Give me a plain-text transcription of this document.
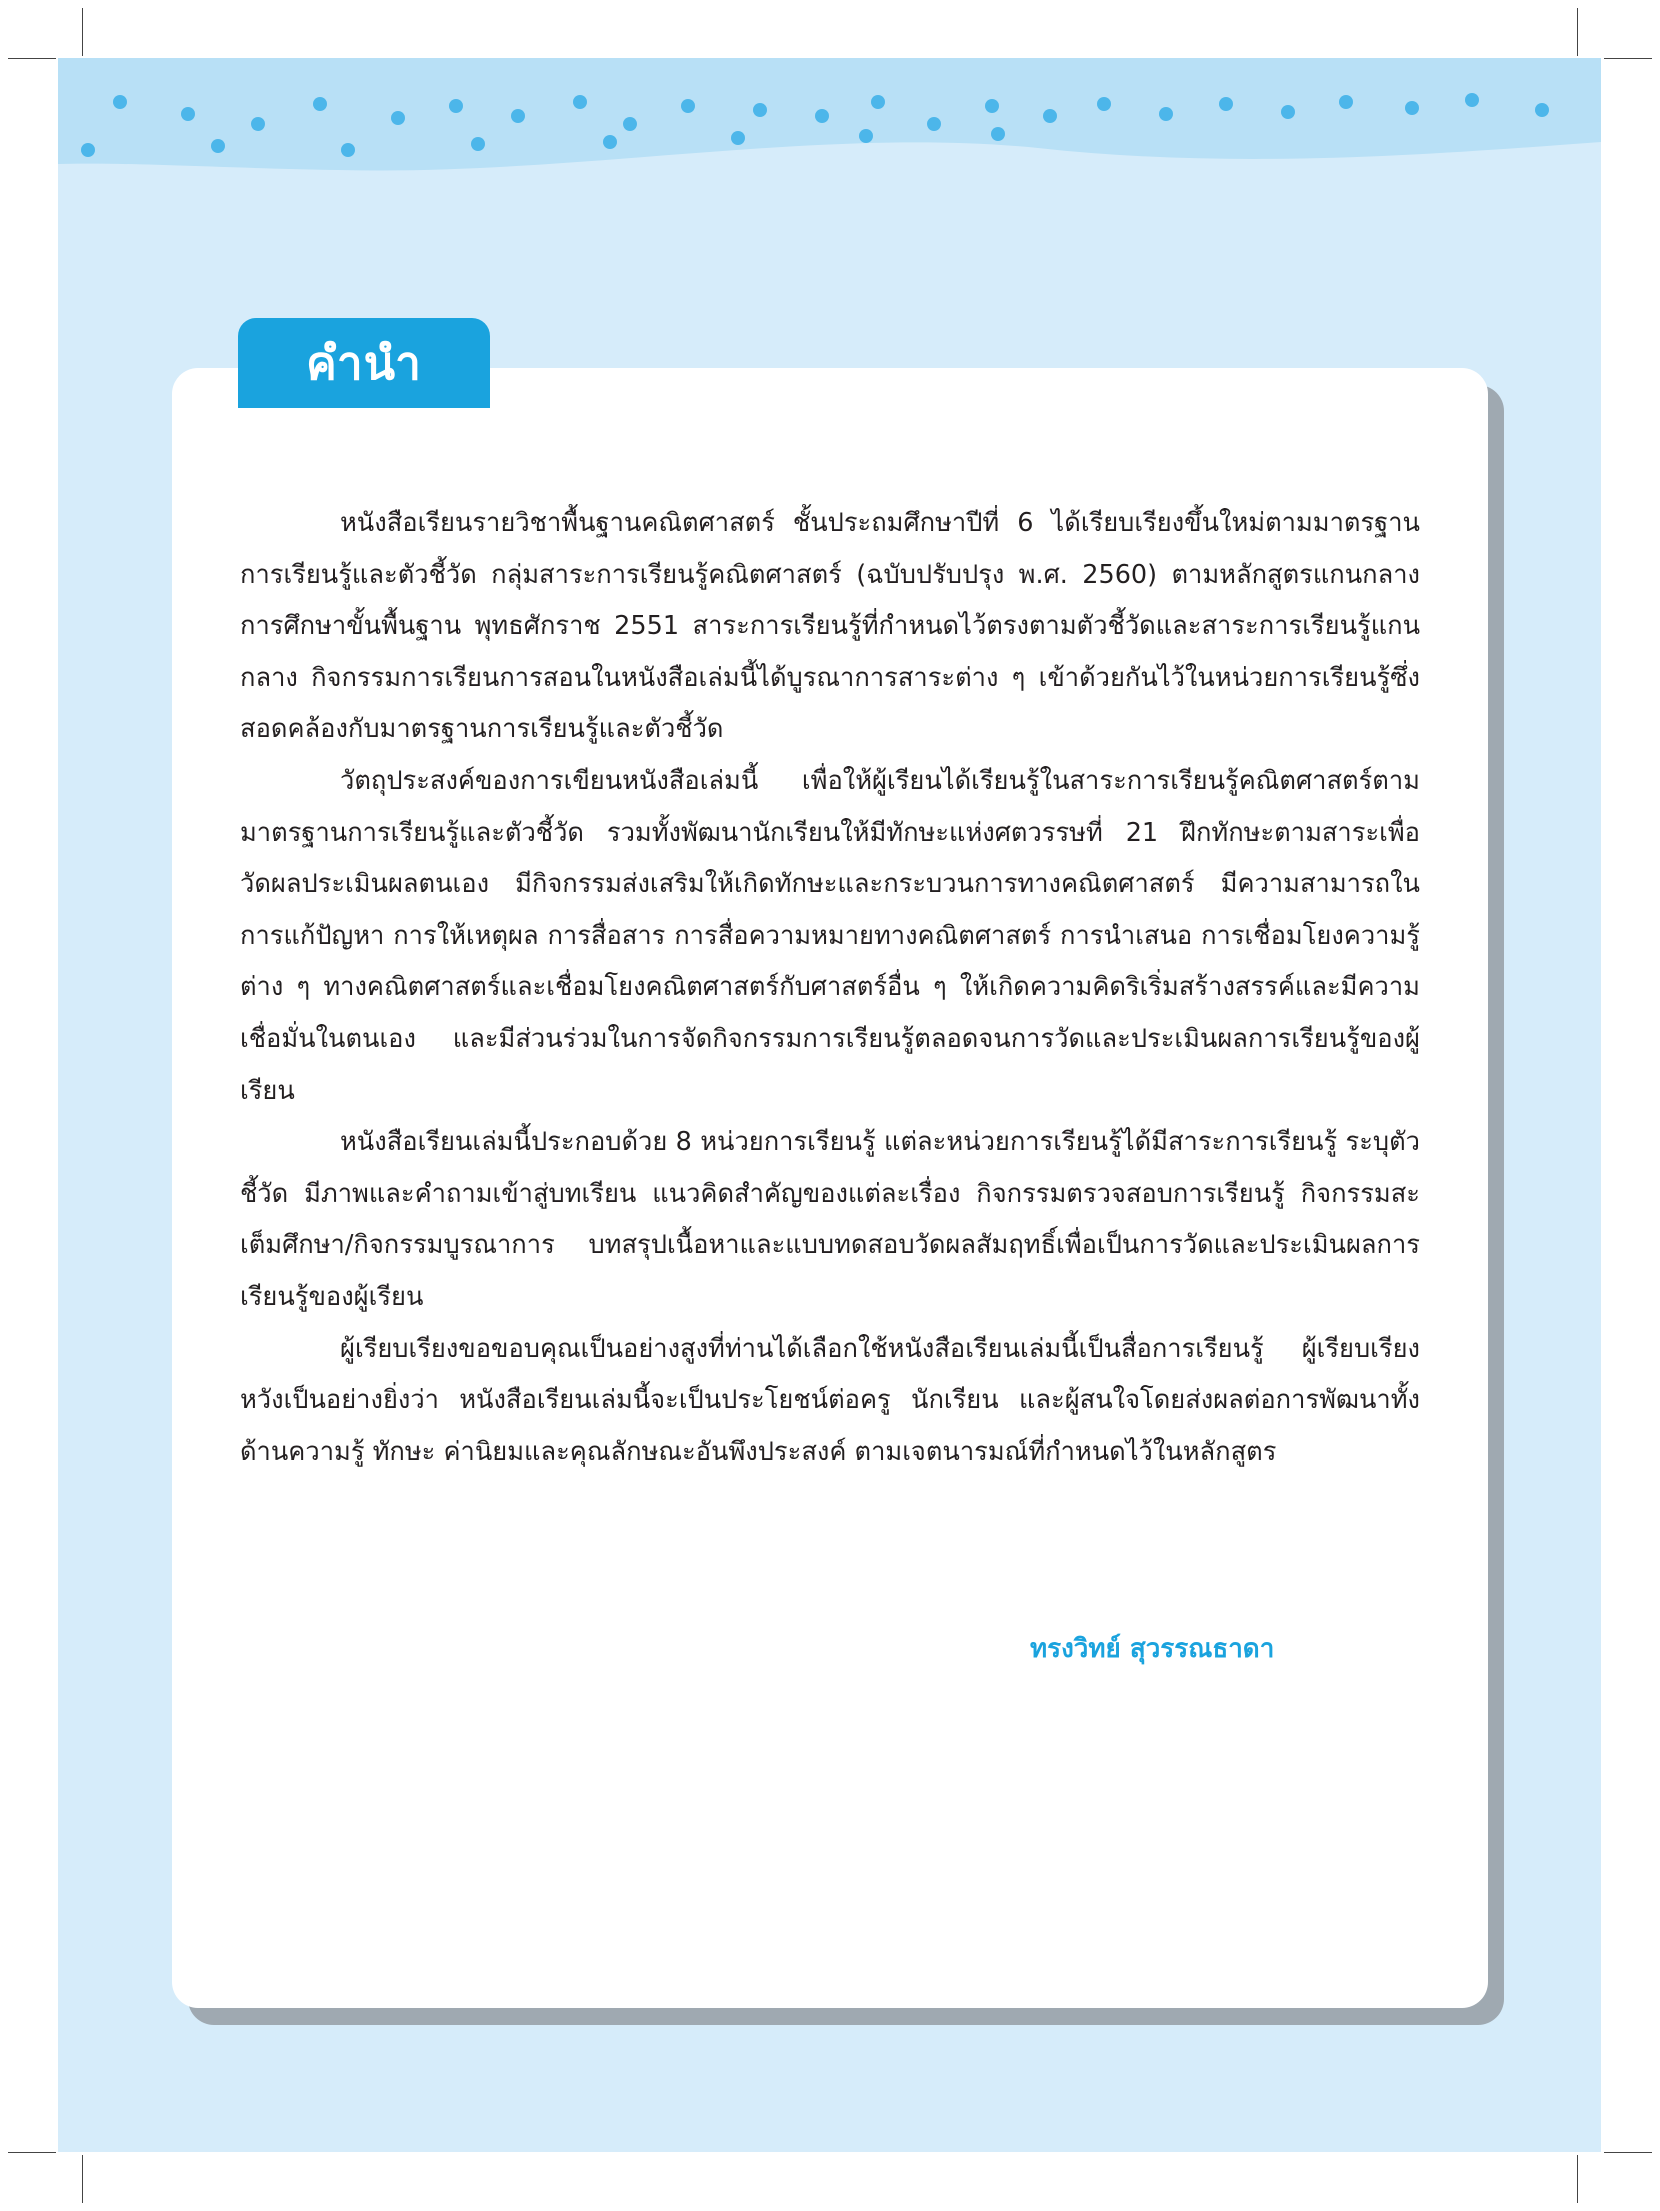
คำนำ

หนังสือเรียนรายวิชาพื้นฐานคณิตศาสตร์ ชั้นประถมศึกษาปีที่ 6 ได้เรียบเรียงขึ้นใหม่ตามมาตรฐานการเรียนรู้และตัวชี้วัด กลุ่มสาระการเรียนรู้คณิตศาสตร์ (ฉบับปรับปรุง พ.ศ. 2560) ตามหลักสูตรแกนกลางการศึกษาขั้นพื้นฐาน พุทธศักราช 2551 สาระการเรียนรู้ที่กำหนดไว้ตรงตามตัวชี้วัดและสาระการเรียนรู้แกนกลาง กิจกรรมการเรียนการสอนในหนังสือเล่มนี้ได้บูรณาการสาระต่าง ๆ เข้าด้วยกันไว้ในหน่วยการเรียนรู้ซึ่งสอดคล้องกับมาตรฐานการเรียนรู้และตัวชี้วัด

วัตถุประสงค์ของการเขียนหนังสือเล่มนี้ เพื่อให้ผู้เรียนได้เรียนรู้ในสาระการเรียนรู้คณิตศาสตร์ตามมาตรฐานการเรียนรู้และตัวชี้วัด รวมทั้งพัฒนานักเรียนให้มีทักษะแห่งศตวรรษที่ 21 ฝึกทักษะตามสาระเพื่อวัดผลประเมินผลตนเอง มีกิจกรรมส่งเสริมให้เกิดทักษะและกระบวนการทางคณิตศาสตร์ มีความสามารถในการแก้ปัญหา การให้เหตุผล การสื่อสาร การสื่อความหมายทางคณิตศาสตร์ การนำเสนอ การเชื่อมโยงความรู้ต่าง ๆ ทางคณิตศาสตร์และเชื่อมโยงคณิตศาสตร์กับศาสตร์อื่น ๆ ให้เกิดความคิดริเริ่มสร้างสรรค์และมีความเชื่อมั่นในตนเอง และมีส่วนร่วมในการจัดกิจกรรมการเรียนรู้ตลอดจนการวัดและประเมินผลการเรียนรู้ของผู้เรียน

หนังสือเรียนเล่มนี้ประกอบด้วย 8 หน่วยการเรียนรู้ แต่ละหน่วยการเรียนรู้ได้มีสาระการเรียนรู้ ระบุตัวชี้วัด มีภาพและคำถามเข้าสู่บทเรียน แนวคิดสำคัญของแต่ละเรื่อง กิจกรรมตรวจสอบการเรียนรู้ กิจกรรมสะเต็มศึกษา/กิจกรรมบูรณาการ บทสรุปเนื้อหาและแบบทดสอบวัดผลสัมฤทธิ์เพื่อเป็นการวัดและประเมินผลการเรียนรู้ของผู้เรียน

ผู้เรียบเรียงขอขอบคุณเป็นอย่างสูงที่ท่านได้เลือกใช้หนังสือเรียนเล่มนี้เป็นสื่อการเรียนรู้ ผู้เรียบเรียงหวังเป็นอย่างยิ่งว่า หนังสือเรียนเล่มนี้จะเป็นประโยชน์ต่อครู นักเรียน และผู้สนใจโดยส่งผลต่อการพัฒนาทั้งด้านความรู้ ทักษะ ค่านิยมและคุณลักษณะอันพึงประสงค์ ตามเจตนารมณ์ที่กำหนดไว้ในหลักสูตร

ทรงวิทย์ สุวรรณธาดา
